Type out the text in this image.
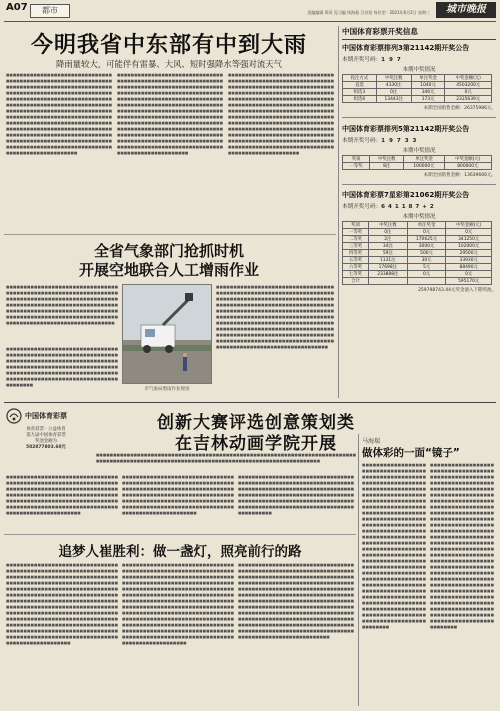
A07	都市	责编编辑 郑凤 见习编 周海燕 吕苏坚 每作型 · 2021年6月2日 星期三	城市晚报
今明我省中东部有中到大雨
降雨量较大，可能伴有雷暴、大风、短时强降水等强对流天气
■■■■■■■■■■■■■■■■■■■■■■■■■■■■■■■■■■■■■■■■■■■■■■■■■■■■■■■■■■■■■■■■■■■■■■■■■■■■■■■■■■■■■■■■■■■■■■■■■■■■■■■■■■■■■■■■■■■■■■■■■■■■■■■■■■■■■■■■■■■■■■■■■■■■■■■■■■■■■■■■■■■■■■■■■■■■■■■■■■■■■■■■■■■■■■■■■■■■■■■■■■■■■■■■■■■■■■■■■■■■■■■■■■■■■■■■■■■■■■■■■■■■■■■■■■■■■■■■■■■■■■■■■■■■■■■■■■■■■■■■■■■■■■■■■■■■■■■■■■■■■■■■■■■■■■■■■■■■■■■■■■■■■■■■■■■■■■■■■■■■■■■■■■■■■■■■■■■■■■■■■■■■■■■■■■■■■■■■■■■■■■■■■■■■■■■■■■■■■■■■■■■■■■■■■■■■■■■■■■■■■■■■
■■■■■■■■■■■■■■■■■■■■■■■■■■■■■■■■■■■■■■■■■■■■■■■■■■■■■■■■■■■■■■■■■■■■■■■■■■■■■■■■■■■■■■■■■■■■■■■■■■■■■■■■■■■■■■■■■■■■■■■■■■■■■■■■■■■■■■■■■■■■■■■■■■■■■■■■■■■■■■■■■■■■■■■■■■■■■■■■■■■■■■■■■■■■■■■■■■■■■■■■■■■■■■■■■■■■■■■■■■■■■■■■■■■■■■■■■■■■■■■■■■■■■■■■■■■■■■■■■■■■■■■■■■■■■■■■■■■■■■■■■■■■■■■■■■■■■■■■■■■■■■■■■■■■■■■■■■■■■■■■■■■■■■■■■■■■■■■■■■■■■■■■■■■■■■■■■■■■■■■■■■■■■■■■■■■■■■■■■■■■■■■■■■■■■■■■■■■■■■■■■■■■■■■■■■■■■■■■■■■■■■■■
■■■■■■■■■■■■■■■■■■■■■■■■■■■■■■■■■■■■■■■■■■■■■■■■■■■■■■■■■■■■■■■■■■■■■■■■■■■■■■■■■■■■■■■■■■■■■■■■■■■■■■■■■■■■■■■■■■■■■■■■■■■■■■■■■■■■■■■■■■■■■■■■■■■■■■■■■■■■■■■■■■■■■■■■■■■■■■■■■■■■■■■■■■■■■■■■■■■■■■■■■■■■■■■■■■■■■■■■■■■■■■■■■■■■■■■■■■■■■■■■■■■■■■■■■■■■■■■■■■■■■■■■■■■■■■■■■■■■■■■■■■■■■■■■■■■■■■■■■■■■■■■■■■■■■■■■■■■■■■■■■■■■■■■■■■■■■■■■■■■■■■■■■■■■■■■■■■■■■■■■■■■■■■■■■■■■■■■■■■■■■■■■■■■■■■■■■■■■■■■■■■■■■■■■■■■■■■■■■■■■■■■■
全省气象部门抢抓时机
开展空地联合人工增雨作业
■■■■■■■■■■■■■■■■■■■■■■■■■■■■■■■■■■■■■■■■■■■■■■■■■■■■■■■■■■■■■■■■■■■■■■■■■■■■■■■■■■■■■■■■■■■■■■■■■■■■■■■■■■■■■■■■■■■■■■■■■■■■■■■■■■■■■■■■■■■■■■■■■■■■■■■■■■■■■■■■■■■■■■■■■■■■■■■■■■■■■■■■■■■■■■■■■■■■■■■■■■■■■■■■■■■■■■■■■■■■■■■■
■■■■■■■■■■■■■■■■■■■■■■■■■■■■■■■■■■■■■■■■■■■■■■■■■■■■■■■■■■■■■■■■■■■■■■■■■■■■■■■■■■■■■■■■■■■■■■■■■■■■■■■■■■■■■■■■■■■■■■■■■■■■■■■■■■■■■■■■■■■■■■■■■■■■■■■■■■■■■■■■■■■■■■■■■■■■■■■■■■■■■■■■■■■■■■■■■■■■■■■■
市气象局增雨作业现场
■■■■■■■■■■■■■■■■■■■■■■■■■■■■■■■■■■■■■■■■■■■■■■■■■■■■■■■■■■■■■■■■■■■■■■■■■■■■■■■■■■■■■■■■■■■■■■■■■■■■■■■■■■■■■■■■■■■■■■■■■■■■■■■■■■■■■■■■■■■■■■■■■■■■■■■■■■■■■■■■■■■■■■■■■■■■■■■■■■■■■■■■■■■■■■■■■■■■■■■■■■■■■■■■■■■■■■■■■■■■■■■■■■■■■■■■■■■■■■■■■■■■■■■■■■■■■■■■■■■■■■■■■■■■■■■■■■■■■■■■■■■■■■■■■■■■■■■■■■■■■■■■■■■■■■■■■■■■■■■■■■■■■■■■■■■■■■■■■■■■■■■■■■■■■■■■■■■■■■■■■■■■■■■■■■■■■
中国体育彩票开奖信息
中国体育彩票排列3第21142期开奖公告
本期开奖号码：1 9 7
本期中奖情况
投注方式	中奖注数	单注奖金	中奖金额(元)
直选	4330注	1040元	4503200元
组选3	0注	346元	0元
组选6	13443注	173元	2325639元
本期全国销售金额：26375986元。
中国体育彩票排列5第21142期开奖公告
本期开奖号码：1 9 7 3 3
本期中奖情况
奖项	中奖注数	单注奖金	中奖金额(元)
一等奖	8注	100000元	800000元
本期全国销售金额：13639666元。
中国体育彩票7星彩第21062期开奖公告
本期开奖号码：6 4 1 1 8 7 + 2
本期中奖情况
奖项	中奖注数	单注奖金	中奖金额(元)
一等奖	0注	0元	0元
二等奖	2注	170625元	341250元
三等奖	34注	3000元	102000元
四等奖	59注	500元	29500元
五等奖	1131注	30元	33930元
六等奖	17698注	5元	88490元
七等奖	233888注	0元	0元
合计			595170元
259798743.44元奖金滚入下期奖池。
中国体育彩票
体育彩票 · 公益体育
第九届中国体育彩票
奖池金额为
502877803.60元
创新大赛评选创意策划类
在吉林动画学院开展
■■■■■■■■■■■■■■■■■■■■■■■■■■■■■■■■■■■■■■■■■■■■■■■■■■■■■■■■■■■■■■■■■■■■■■■■■■■■■■■■■■■■■■■■■■■■■■■■■■■■■■■■■■■■■■■■■■■■■■■■■■■■■■■■■■■■■■■■■■■■■■
马海瑞
做体彩的一面“镜子”
■■■■■■■■■■■■■■■■■■■■■■■■■■■■■■■■■■■■■■■■■■■■■■■■■■■■■■■■■■■■■■■■■■■■■■■■■■■■■■■■■■■■■■■■■■■■■■■■■■■■■■■■■■■■■■■■■■■■■■■■■■■■■■■■■■■■■■■■■■■■■■■■■■■■■■■■■■■■■■■■■■■■■■■■■■■■■■■■■■■■■■■■■■■■■■■■■■■■■■■■■■■■■■■■■■■■■■
■■■■■■■■■■■■■■■■■■■■■■■■■■■■■■■■■■■■■■■■■■■■■■■■■■■■■■■■■■■■■■■■■■■■■■■■■■■■■■■■■■■■■■■■■■■■■■■■■■■■■■■■■■■■■■■■■■■■■■■■■■■■■■■■■■■■■■■■■■■■■■■■■■■■■■■■■■■■■■■■■■■■■■■■■■■■■■■■■■■■■■■■■■■■■■■■■■■■■■■■■■■■■■■■■■■■■■
■■■■■■■■■■■■■■■■■■■■■■■■■■■■■■■■■■■■■■■■■■■■■■■■■■■■■■■■■■■■■■■■■■■■■■■■■■■■■■■■■■■■■■■■■■■■■■■■■■■■■■■■■■■■■■■■■■■■■■■■■■■■■■■■■■■■■■■■■■■■■■■■■■■■■■■■■■■■■■■■■■■■■■■■■■■■■■■■■■■■■■■■■■■■■■■■■■■■■■■■■■■■■■■■■■■■■■
■■■■■■■■■■■■■■■■■■■■■■■■■■■■■■■■■■■■■■■■■■■■■■■■■■■■■■■■■■■■■■■■■■■■■■■■■■■■■■■■■■■■■■■■■■■■■■■■■■■■■■■■■■■■■■■■■■■■■■■■■■■■■■■■■■■■■■■■■■■■■■■■■■■■■■■■■■■■■■■■■■■■■■■■■■■■■■■■■■■■■■■■■■■■■■■■■■■■■■■■■■■■■■■■■■■■■■■■■■■■■■■■■■■■■■■■■■■■■■■■■■■■■■■■■■■■■■■■■■■■■■■■■■■■■■■■■■■■■■■■■■■■■■■■■■■■■■■■■■■■■■■■■■■■■■■■■■■■■■■■■■■■■■■■■■■■■■■■■■■■■■■■■■■■■■■■■■■■■■■■■■■■■■■■■■■■■■■■■■■■■■■■■■■■■■■■■■■■■■■■■■■■■■■■■■■■■■■■■■■■■■■■■■■■■■■■■■■■■■■■■■■■■■■■■■■■■■■■■■■■■■■■■■■■■■■■■■■■■■■■■■■■■■■■■■■■■■
■■■■■■■■■■■■■■■■■■■■■■■■■■■■■■■■■■■■■■■■■■■■■■■■■■■■■■■■■■■■■■■■■■■■■■■■■■■■■■■■■■■■■■■■■■■■■■■■■■■■■■■■■■■■■■■■■■■■■■■■■■■■■■■■■■■■■■■■■■■■■■■■■■■■■■■■■■■■■■■■■■■■■■■■■■■■■■■■■■■■■■■■■■■■■■■■■■■■■■■■■■■■■■■■■■■■■■■■■■■■■■■■■■■■■■■■■■■■■■■■■■■■■■■■■■■■■■■■■■■■■■■■■■■■■■■■■■■■■■■■■■■■■■■■■■■■■■■■■■■■■■■■■■■■■■■■■■■■■■■■■■■■■■■■■■■■■■■■■■■■■■■■■■■■■■■■■■■■■■■■■■■■■■■■■■■■■■■■■■■■■■■■■■■■■■■■■■■■■■■■■■■■■■■■■■■■■■■■■■■■■■■■■■■■■■■■■■■■■■■■■■■■■■■■■■■■■■■■■■■■■■■■■■■■■■■■■■■■■■■■■■■■■■■■■■■■■■
追梦人崔胜利：做一盏灯，照亮前行的路
■■■■■■■■■■■■■■■■■■■■■■■■■■■■■■■■■■■■■■■■■■■■■■■■■■■■■■■■■■■■■■■■■■■■■■■■■■■■■■■■■■■■■■■■■■■■■■■■■■■■■■■■■■■■■■■■■■■■■■■■■■■■■■■■■■■■■■■■■■■■■■■■■■■■■■■■■■■■■■■■■■■■■■■■■■■■■■■■■■■■■■■■■■■■■■■■■■■■■■■■■■■■■■■■■■■■■■■■■■■■■■■■■■■■■■■■■■■■■■■■■■■■■■■■■■■■■■■■■■■■■■■■■■■■■■■■■■■■■■■■■■■■■■■■■■■■■■■■■■■■■■■■■■■■■■■■■■■■■■■■■■■■■■■■■■■■■■■■■■■■■■■■■■■■■■■■■■■■■■■■■■■■■■■■■■■■■■■■■■■■■■■■■■■■■■■■■■■■■■■■■■■■■■■■■■■■■■■■■■■■■■■■■■■■■■■■■■■
■■■■■■■■■■■■■■■■■■■■■■■■■■■■■■■■■■■■■■■■■■■■■■■■■■■■■■■■■■■■■■■■■■■■■■■■■■■■■■■■■■■■■■■■■■■■■■■■■■■■■■■■■■■■■■■■■■■■■■■■■■■■■■■■■■■■■■■■■■■■■■■■■■■■■■■■■■■■■■■■■■■■■■■■■■■■■■■■■■■■■■■■■■■■■■■■■■■■■■■■■■■■■■■■■■■■■■■■■■■■■■■■■■■■■■■■■■■■■■■■■■■■■■■■■■■■■■■■■■■■■■■■■■■■■■■■■■■■■■■■■■■■■■■■■■■■■■■■■■■■■■■■■■■■■■■■■■■■■■■■■■■■■■■■■■■■■■■■■■■■■■■■■■■■■■■■■■■■■■■■■■■■■■■■■■■■■■■■■■■■■■■■■■■■■■■■■■■■■■■■■■■■■■■■■■■■■■■■■■■■■■■■■■■■■■■■■■■
■■■■■■■■■■■■■■■■■■■■■■■■■■■■■■■■■■■■■■■■■■■■■■■■■■■■■■■■■■■■■■■■■■■■■■■■■■■■■■■■■■■■■■■■■■■■■■■■■■■■■■■■■■■■■■■■■■■■■■■■■■■■■■■■■■■■■■■■■■■■■■■■■■■■■■■■■■■■■■■■■■■■■■■■■■■■■■■■■■■■■■■■■■■■■■■■■■■■■■■■■■■■■■■■■■■■■■■■■■■■■■■■■■■■■■■■■■■■■■■■■■■■■■■■■■■■■■■■■■■■■■■■■■■■■■■■■■■■■■■■■■■■■■■■■■■■■■■■■■■■■■■■■■■■■■■■■■■■■■■■■■■■■■■■■■■■■■■■■■■■■■■■■■■■■■■■■■■■■■■■■■■■■■■■■■■■■■■■■■■■■■■■■■■■■■■■■■■■■■■■■■■■■■■■■■■■■■■■■■■■■■■■■■■■■■■■■■■
